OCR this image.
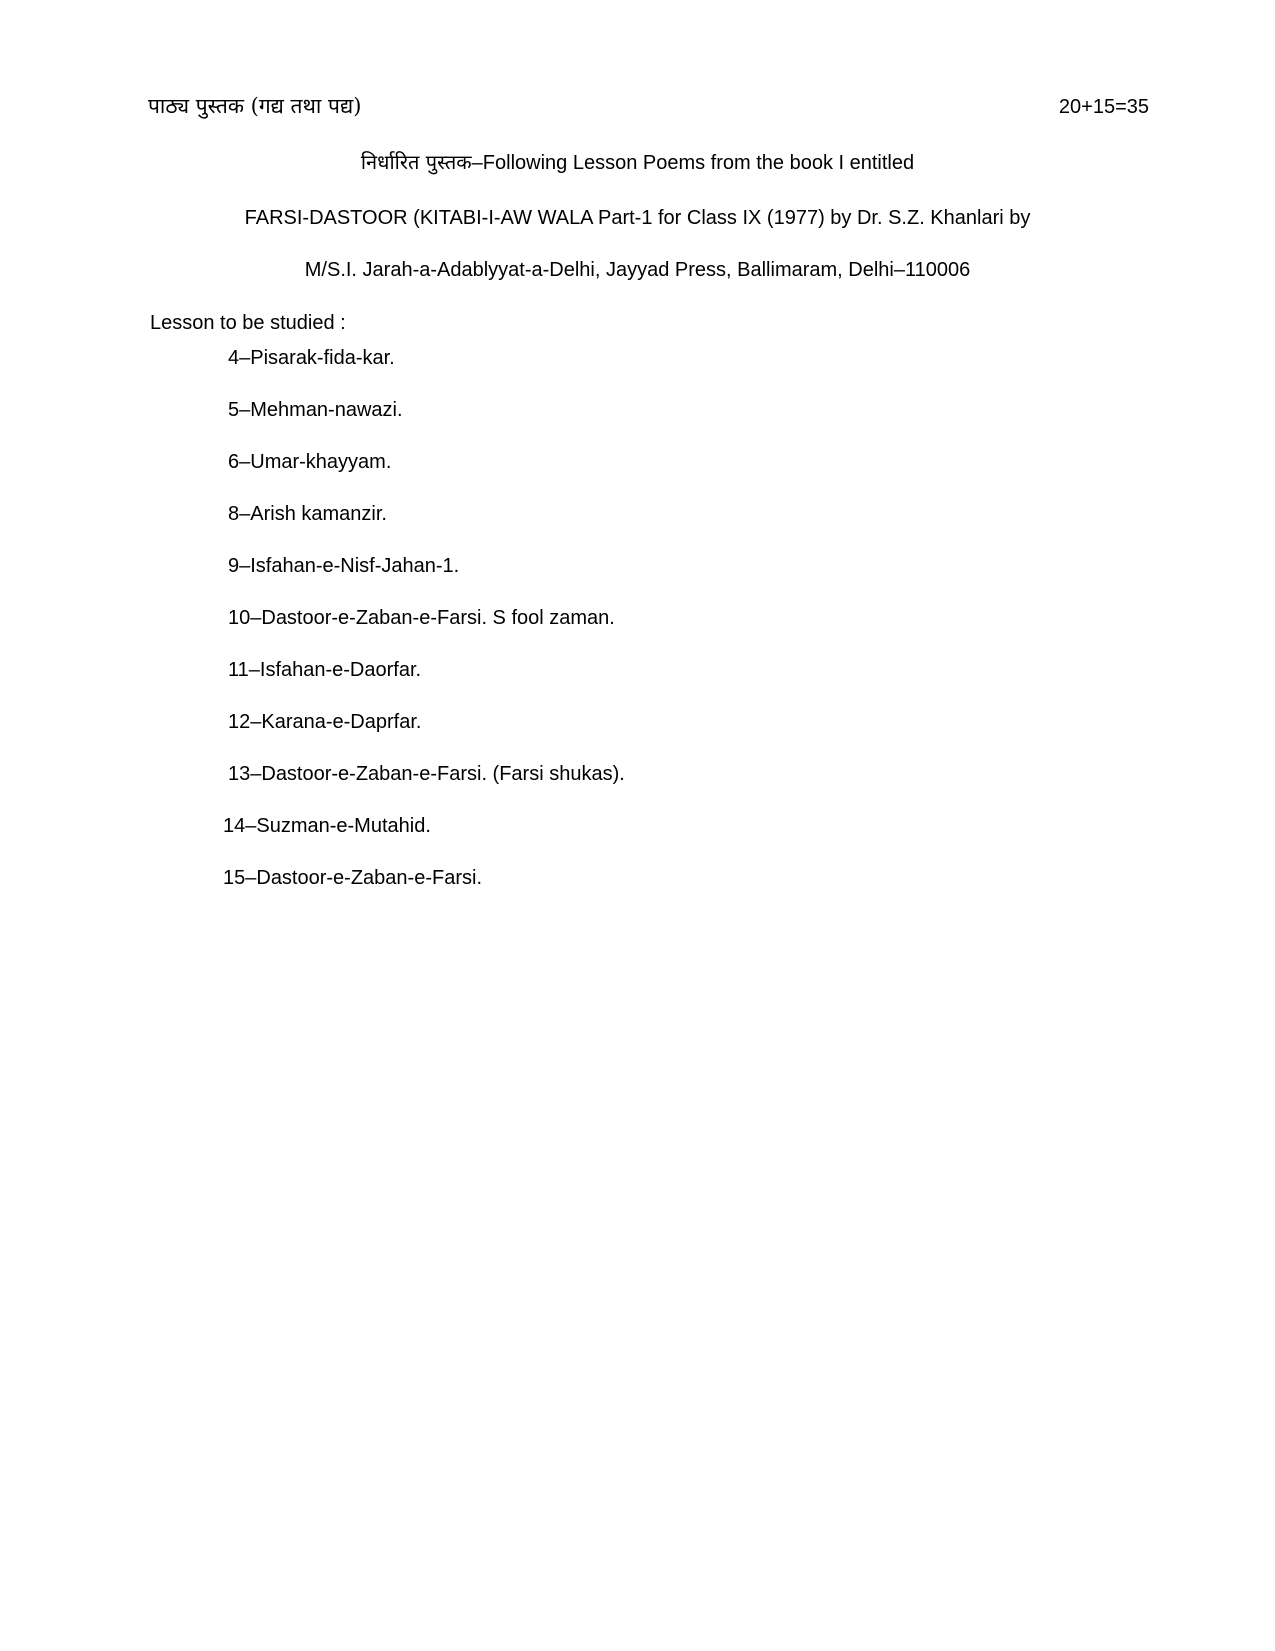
पाठ्य पुस्तक (गद्य तथा पद्य)	20+15=35
निर्धारित पुस्तक–Following Lesson Poems from the book I entitled
FARSI-DASTOOR (KITABI-I-AW WALA Part-1 for Class IX (1977) by Dr. S.Z. Khanlari by
M/S.I. Jarah-a-Adablyyat-a-Delhi, Jayyad Press, Ballimaram, Delhi–110006
Lesson to be studied :
4–Pisarak-fida-kar.
5–Mehman-nawazi.
6–Umar-khayyam.
8–Arish kamanzir.
9–Isfahan-e-Nisf-Jahan-1.
10–Dastoor-e-Zaban-e-Farsi. S fool zaman.
11–Isfahan-e-Daorfar.
12–Karana-e-Daprfar.
13–Dastoor-e-Zaban-e-Farsi. (Farsi shukas).
14–Suzman-e-Mutahid.
15–Dastoor-e-Zaban-e-Farsi.
